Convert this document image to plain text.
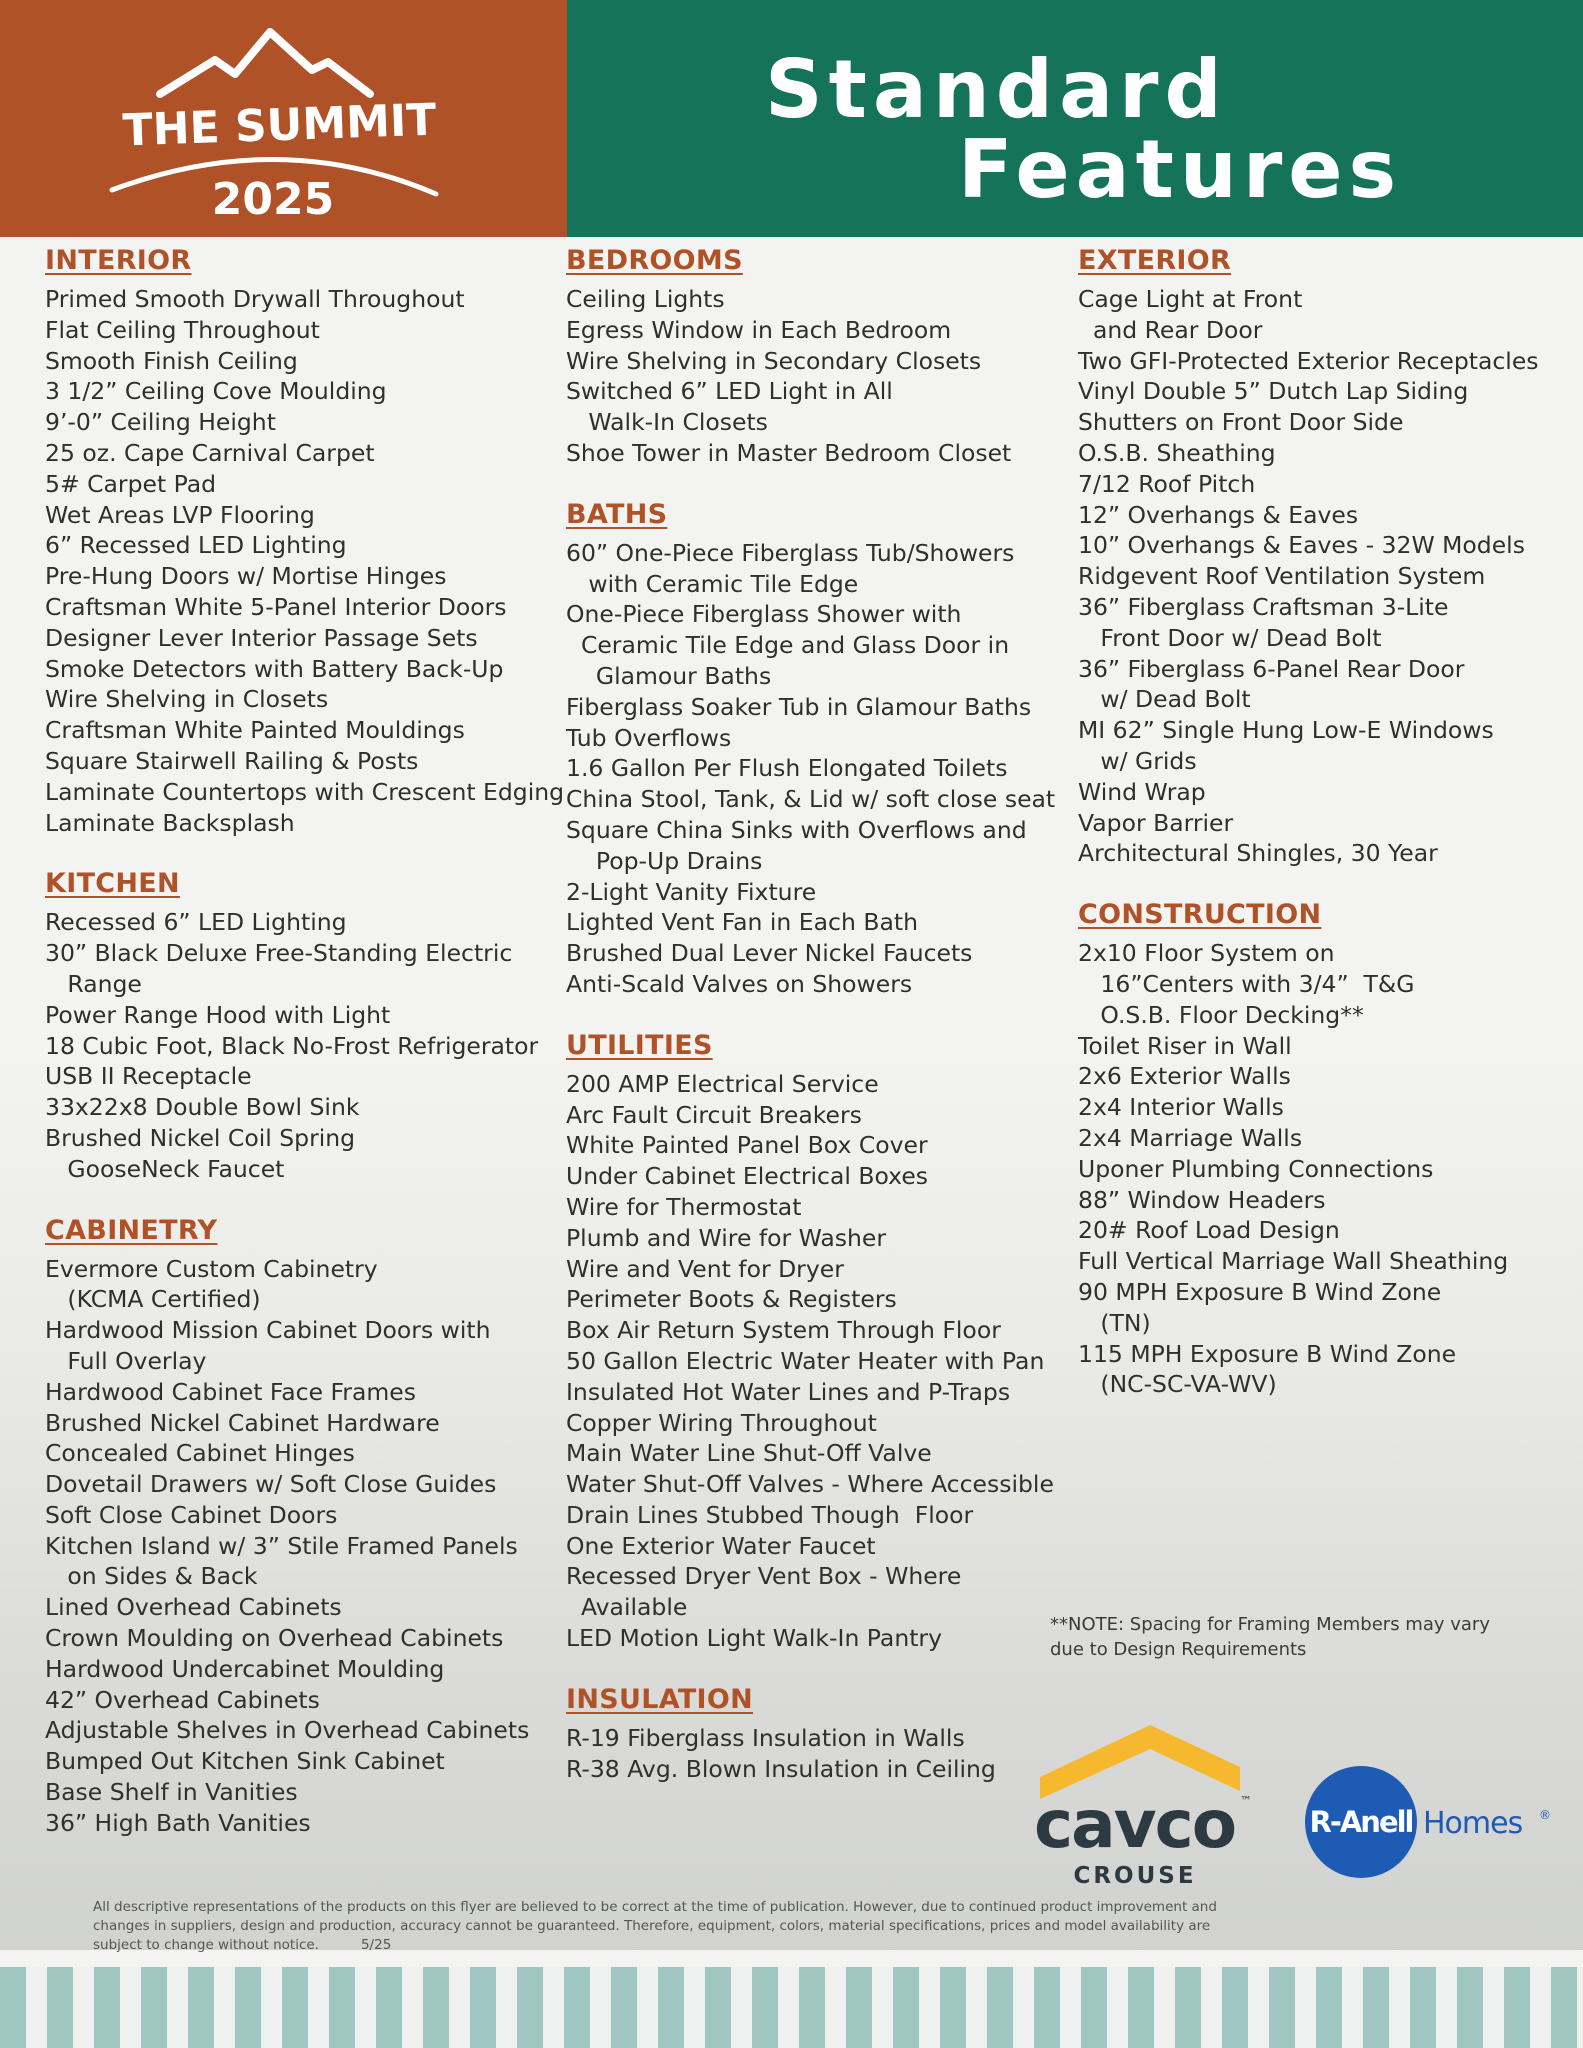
THE SUMMIT
2025
Standard
Features
INTERIOR
Primed Smooth Drywall Throughout
Flat Ceiling Throughout
Smooth Finish Ceiling
3 1/2” Ceiling Cove Moulding
9’-0” Ceiling Height
25 oz. Cape Carnival Carpet
5# Carpet Pad
Wet Areas LVP Flooring
6” Recessed LED Lighting
Pre-Hung Doors w/ Mortise Hinges
Craftsman White 5-Panel Interior Doors
Designer Lever Interior Passage Sets
Smoke Detectors with Battery Back-Up
Wire Shelving in Closets
Craftsman White Painted Mouldings
Square Stairwell Railing & Posts
Laminate Countertops with Crescent Edging
Laminate Backsplash
KITCHEN
Recessed 6” LED Lighting
30” Black Deluxe Free-Standing Electric
Range
Power Range Hood with Light
18 Cubic Foot, Black No-Frost Refrigerator
USB II Receptacle
33x22x8 Double Bowl Sink
Brushed Nickel Coil Spring
GooseNeck Faucet
CABINETRY
Evermore Custom Cabinetry
(KCMA Certified)
Hardwood Mission Cabinet Doors with
Full Overlay
Hardwood Cabinet Face Frames
Brushed Nickel Cabinet Hardware
Concealed Cabinet Hinges
Dovetail Drawers w/ Soft Close Guides
Soft Close Cabinet Doors
Kitchen Island w/ 3” Stile Framed Panels
on Sides & Back
Lined Overhead Cabinets
Crown Moulding on Overhead Cabinets
Hardwood Undercabinet Moulding
42” Overhead Cabinets
Adjustable Shelves in Overhead Cabinets
Bumped Out Kitchen Sink Cabinet
Base Shelf in Vanities
36” High Bath Vanities
BEDROOMS
Ceiling Lights
Egress Window in Each Bedroom
Wire Shelving in Secondary Closets
Switched 6” LED Light in All
Walk-In Closets
Shoe Tower in Master Bedroom Closet
BATHS
60” One-Piece Fiberglass Tub/Showers
with Ceramic Tile Edge
One-Piece Fiberglass Shower with
Ceramic Tile Edge and Glass Door in
Glamour Baths
Fiberglass Soaker Tub in Glamour Baths
Tub Overflows
1.6 Gallon Per Flush Elongated Toilets
China Stool, Tank, & Lid w/ soft close seat
Square China Sinks with Overflows and
Pop-Up Drains
2-Light Vanity Fixture
Lighted Vent Fan in Each Bath
Brushed Dual Lever Nickel Faucets
Anti-Scald Valves on Showers
UTILITIES
200 AMP Electrical Service
Arc Fault Circuit Breakers
White Painted Panel Box Cover
Under Cabinet Electrical Boxes
Wire for Thermostat
Plumb and Wire for Washer
Wire and Vent for Dryer
Perimeter Boots & Registers
Box Air Return System Through Floor
50 Gallon Electric Water Heater with Pan
Insulated Hot Water Lines and P-Traps
Copper Wiring Throughout
Main Water Line Shut-Off Valve
Water Shut-Off Valves - Where Accessible
Drain Lines Stubbed Though  Floor
One Exterior Water Faucet
Recessed Dryer Vent Box - Where
Available
LED Motion Light Walk-In Pantry
INSULATION
R-19 Fiberglass Insulation in Walls
R-38 Avg. Blown Insulation in Ceiling
EXTERIOR
Cage Light at Front
and Rear Door
Two GFI-Protected Exterior Receptacles
Vinyl Double 5” Dutch Lap Siding
Shutters on Front Door Side
O.S.B. Sheathing
7/12 Roof Pitch
12” Overhangs & Eaves
10” Overhangs & Eaves - 32W Models
Ridgevent Roof Ventilation System
36” Fiberglass Craftsman 3-Lite
Front Door w/ Dead Bolt
36” Fiberglass 6-Panel Rear Door
w/ Dead Bolt
MI 62” Single Hung Low-E Windows
w/ Grids
Wind Wrap
Vapor Barrier
Architectural Shingles, 30 Year
CONSTRUCTION
2x10 Floor System on
16”Centers with 3/4”  T&G
O.S.B. Floor Decking**
Toilet Riser in Wall
2x6 Exterior Walls
2x4 Interior Walls
2x4 Marriage Walls
Uponer Plumbing Connections
88” Window Headers
20# Roof Load Design
Full Vertical Marriage Wall Sheathing
90 MPH Exposure B Wind Zone
(TN)
115 MPH Exposure B Wind Zone
(NC-SC-VA-WV)
**NOTE: Spacing for Framing Members may vary
due to Design Requirements
cavco ™
CROUSE
R-Anell Homes ®
All descriptive representations of the products on this flyer are believed to be correct at the time of publication. However, due to continued product improvement and
changes in suppliers, design and production, accuracy cannot be guaranteed. Therefore, equipment, colors, material specifications, prices and model availability are
subject to change without notice.	5/25
